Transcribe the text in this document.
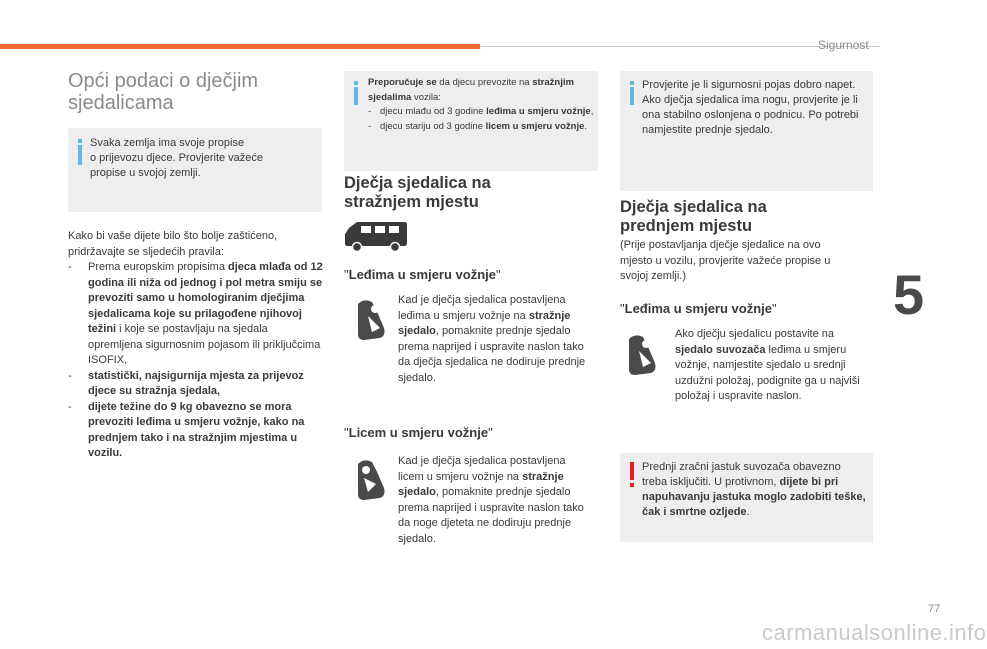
Sigurnost
5
77
carmanualsonline.info
Opći podaci o dječjim sjedalicama
Svaka zemlja ima svoje propise
o prijevozu djece. Provjerite važeće
propise u svojoj zemlji.

Kako bi vaše dijete bilo što bolje zaštićeno,

pridržavajte se sljedećih pravila:

- Prema europskim propisima djeca mlađa od 12 godina ili niža od jednog i pol metra smiju se prevoziti samo u homologiranim dječjima sjedalicama koje su prilagođene njihovoj težini i koje se postavljaju na sjedala opremljena sigurnosnim pojasom ili priključcima ISOFIX,

- statistički, najsigurnija mjesta za prijevoz djece su stražnja sjedala,

- dijete težine do 9 kg obavezno se mora prevoziti leđima u smjeru vožnje, kako na prednjem tako i na stražnjim mjestima u vozilu.

Preporučuje se da djecu prevozite na stražnjim sjedalima vozila:
- djecu mlađu od 3 godine leđima u smjeru vožnje,
- djecu stariju od 3 godine licem u smjeru vožnje.
Dječja sjedalica na stražnjem mjestu
"Leđima u smjeru vožnje"

Kad je dječja sjedalica postavljena leđima u smjeru vožnje na stražnje sjedalo, pomaknite prednje sjedalo prema naprijed i uspravite naslon tako da dječja sjedalica ne dodiruje prednje sjedalo.

"Licem u smjeru vožnje"

Kad je dječja sjedalica postavljena licem u smjeru vožnje na stražnje sjedalo, pomaknite prednje sjedalo prema naprijed i uspravite naslon tako da noge djeteta ne dodiruju prednje sjedalo.

Provjerite je li sigurnosni pojas dobro napet.
Ako dječja sjedalica ima nogu, provjerite je li ona stabilno oslonjena o podnicu. Po potrebi namjestite prednje sjedalo.
Dječja sjedalica na prednjem mjestu
(Prije postavljanja dječje sjedalice na ovo mjesto u vozilu, provjerite važeće propise u svojoj zemlji.)
"Leđima u smjeru vožnje"

Ako dječju sjedalicu postavite na sjedalo suvozača leđima u smjeru vožnje, namjestite sjedalo u srednji uzdužni položaj, podignite ga u najviši položaj i uspravite naslon.

Prednji zračni jastuk suvozača obavezno treba isključiti. U protivnom, dijete bi pri napuhavanju jastuka moglo zadobiti teške, čak i smrtne ozljede.
